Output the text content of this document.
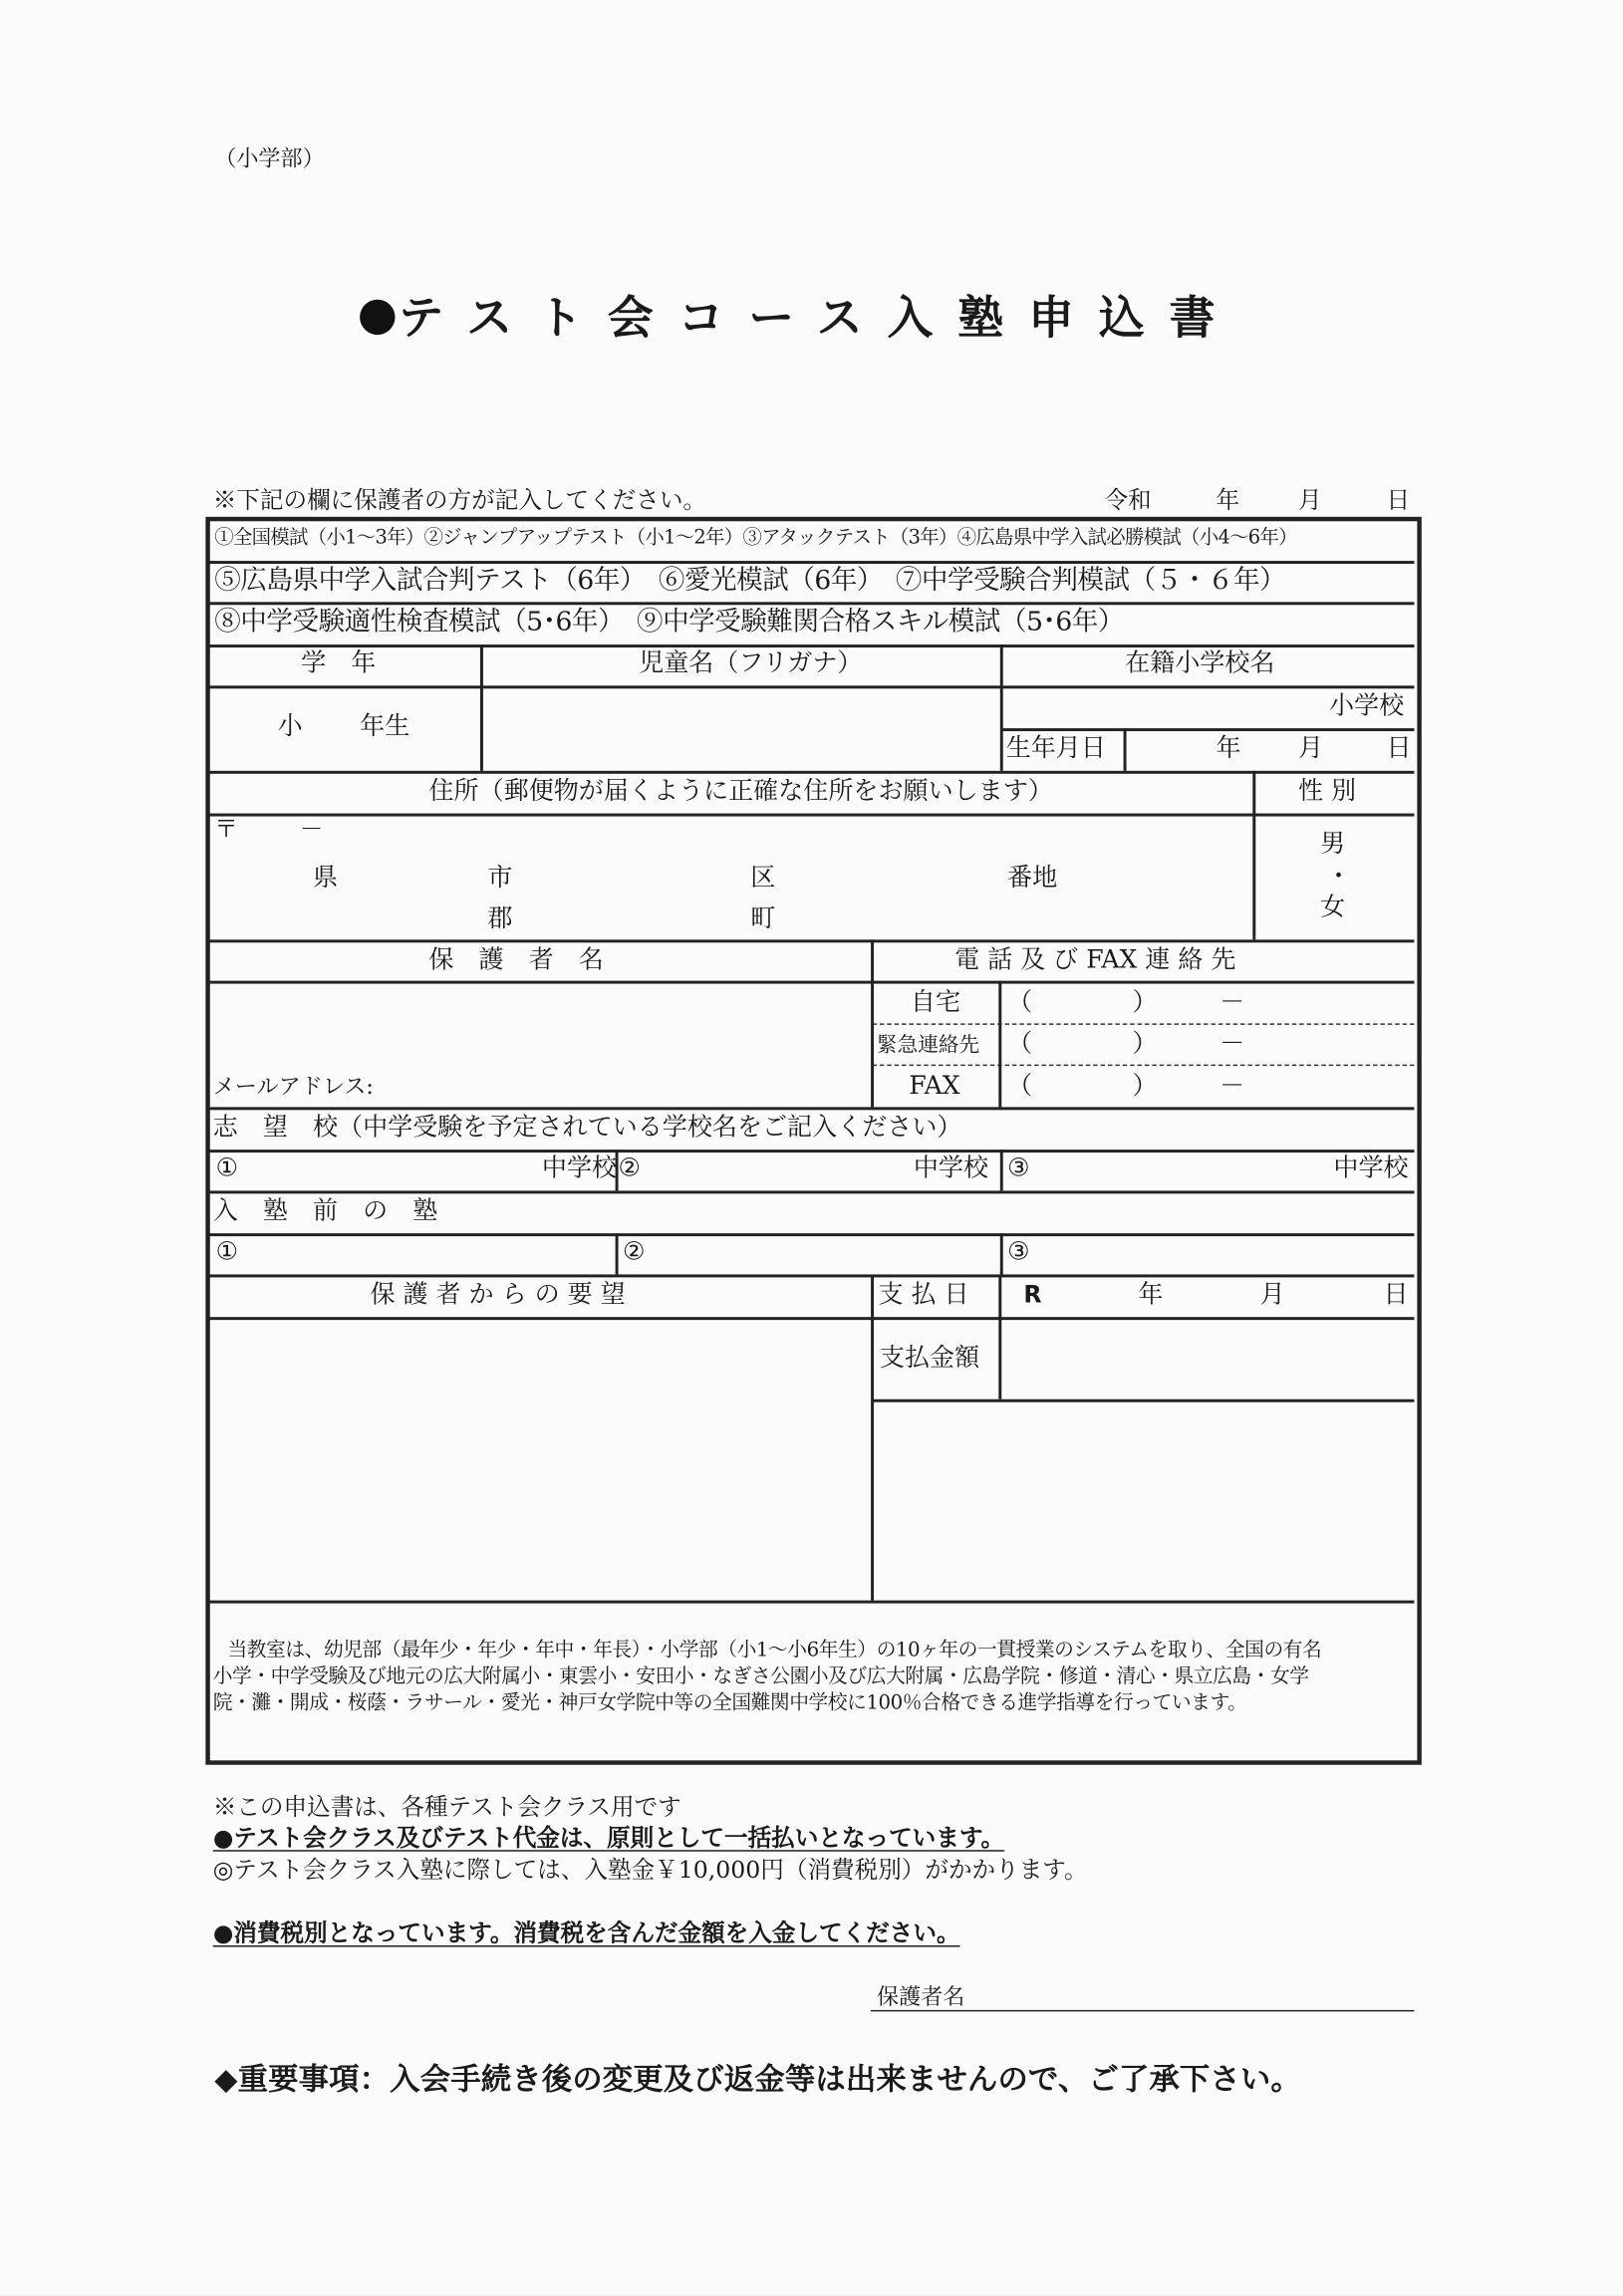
（小学部）
テスト会コース入塾申込書
※下記の欄に保護者の方が記入してください。	令和	年	月	日
①全国模試（小1～3年）②ジャンプアップテスト（小1～2年）③アタックテスト（3年）④広島県中学入試必勝模試（小4～6年）
⑤広島県中学入試合判テスト（6年）　⑥愛光模試（6年）　⑦中学受験合判模試（５・６年）
⑧中学受験適性検査模試（5･6年）　⑨中学受験難関合格スキル模試（5･6年）
学　年	児童名（フリガナ）	在籍小学校名
小	年生
小学校
生年月日	年	月	日
住所（郵便物が届くように正確な住所をお願いします）	性 別
〒	－
県	市	区	番地
郡	町
男
・
女
保　護　者　名	電 話 及 び FAX 連 絡 先
メールアドレス:
自宅	（　　　　）　　　－
緊急連絡先 （　　　　）　　　－
FAX	（　　　　）　　　－
志　望　校（中学受験を予定されている学校名をご記入ください）
①	中学校 ②	中学校 ③	中学校
入　塾　前　の　塾
①	②	③
保 護 者 か ら の 要 望	支 払 日	R	年	月	日
支払金額
当教室は、幼児部（最年少・年少・年中・年長）・小学部（小1～小6年生）の10ヶ年の一貫授業のシステムを取り、全国の有名
小学・中学受験及び地元の広大附属小・東雲小・安田小・なぎさ公園小及び広大附属・広島学院・修道・清心・県立広島・女学
院・灘・開成・桜蔭・ラサール・愛光・神戸女学院中等の全国難関中学校に100％合格できる進学指導を行っています。
※この申込書は、各種テスト会クラス用です
●テスト会クラス及びテスト代金は、原則として一括払いとなっています。
◎テスト会クラス入塾に際しては、入塾金￥10,000円（消費税別）がかかります。
●消費税別となっています。消費税を含んだ金額を入金してください。
保護者名
◆重要事項：入会手続き後の変更及び返金等は出来ませんので、ご了承下さい。
